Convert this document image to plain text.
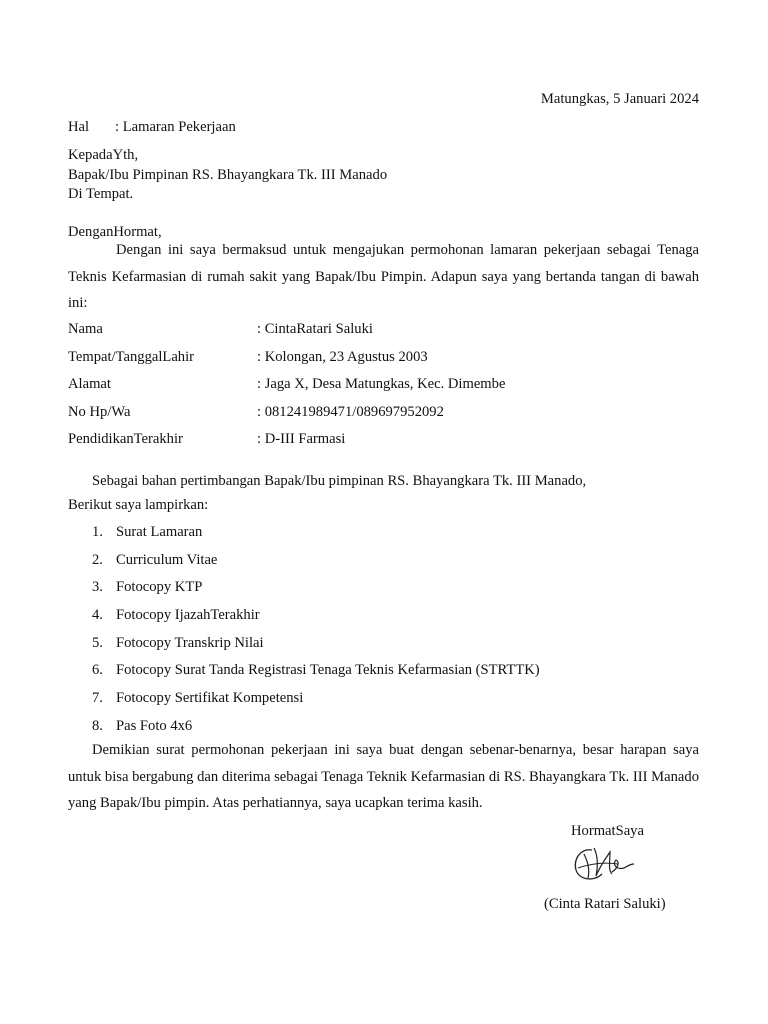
Matungkas, 5 Januari 2024
Hal : Lamaran Pekerjaan
KepadaYth,
Bapak/Ibu Pimpinan RS. Bhayangkara Tk. III Manado
Di Tempat.
DenganHormat,
Dengan ini saya bermaksud untuk mengajukan permohonan lamaran pekerjaan sebagai Tenaga Teknis Kefarmasian di rumah sakit yang Bapak/Ibu Pimpin. Adapun saya yang bertanda tangan di bawah ini:
Nama	: CintaRatari Saluki
Tempat/TanggalLahir	: Kolongan, 23 Agustus 2003
Alamat	: Jaga X, Desa Matungkas, Kec. Dimembe
No Hp/Wa	: 081241989471/089697952092
PendidikanTerakhir	: D-III Farmasi
Sebagai bahan pertimbangan Bapak/Ibu pimpinan RS. Bhayangkara Tk. III Manado,
Berikut saya lampirkan:
1. Surat Lamaran
2. Curriculum Vitae
3. Fotocopy KTP
4. Fotocopy IjazahTerakhir
5. Fotocopy Transkrip Nilai
6. Fotocopy Surat Tanda Registrasi Tenaga Teknis Kefarmasian (STRTTK)
7. Fotocopy Sertifikat Kompetensi
8. Pas Foto 4x6
Demikian surat permohonan pekerjaan ini saya buat dengan sebenar-benarnya, besar harapan saya untuk bisa bergabung dan diterima sebagai Tenaga Teknik Kefarmasian di RS. Bhayangkara Tk. III Manado yang Bapak/Ibu pimpin. Atas perhatiannya, saya ucapkan terima kasih.
HormatSaya
(Cinta Ratari Saluki)
